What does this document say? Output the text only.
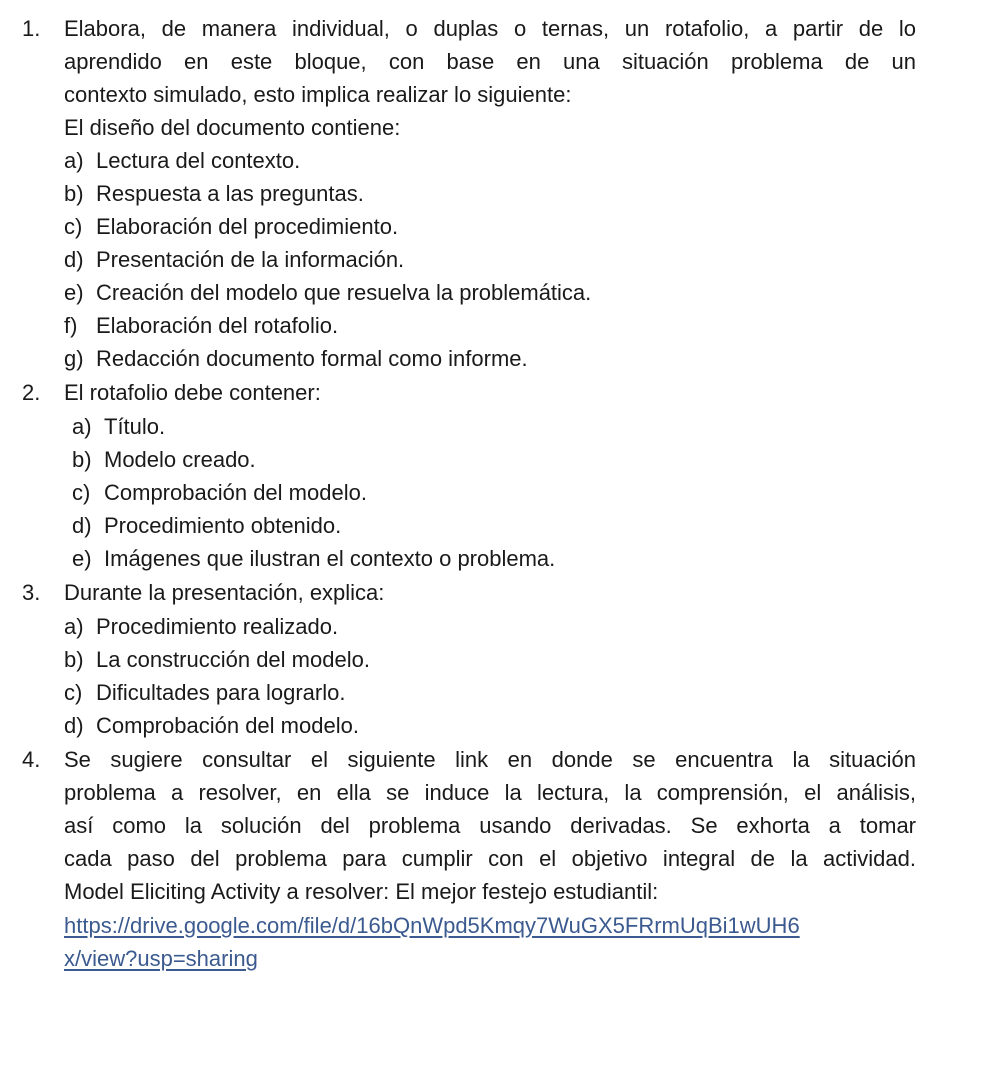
1. Elabora, de manera individual, o duplas o ternas, un rotafolio, a partir de lo
aprendido en este bloque, con base en una situación problema de un
contexto simulado, esto implica realizar lo siguiente:
El diseño del documento contiene:
a) Lectura del contexto.
b) Respuesta a las preguntas.
c) Elaboración del procedimiento.
d) Presentación de la información.
e) Creación del modelo que resuelva la problemática.
f) Elaboración del rotafolio.
g) Redacción documento formal como informe.
2. El rotafolio debe contener:
a) Título.
b) Modelo creado.
c) Comprobación del modelo.
d) Procedimiento obtenido.
e) Imágenes que ilustran el contexto o problema.
3. Durante la presentación, explica:
a) Procedimiento realizado.
b) La construcción del modelo.
c) Dificultades para lograrlo.
d) Comprobación del modelo.
4. Se sugiere consultar el siguiente link en donde se encuentra la situación
problema a resolver, en ella se induce la lectura, la comprensión, el análisis,
así como la solución del problema usando derivadas. Se exhorta a tomar
cada paso del problema para cumplir con el objetivo integral de la actividad.
Model Eliciting Activity a resolver: El mejor festejo estudiantil:
https://drive.google.com/file/d/16bQnWpd5Kmqy7WuGX5FRrmUqBi1wUH6
x/view?usp=sharing
